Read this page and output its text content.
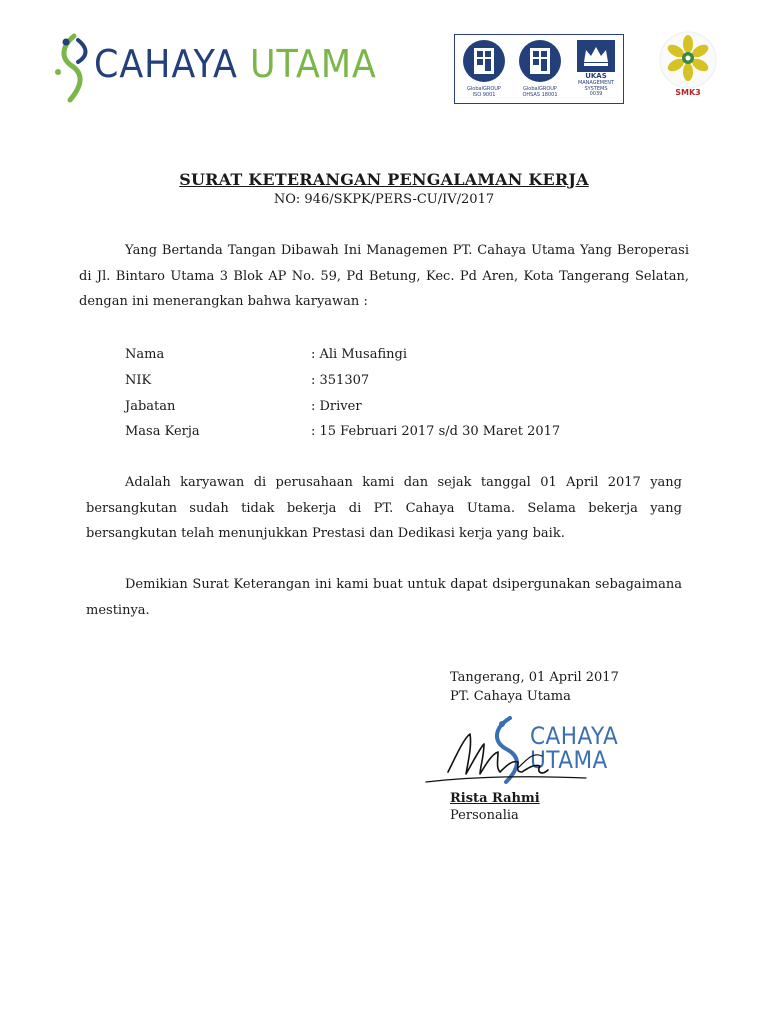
CAHAYA UTAMA
GlobalGROUP
ISO 9001
GlobalGROUP
OHSAS 18001
UKAS
MANAGEMENT SYSTEMS
0039	SMK3
SURAT KETERANGAN PENGALAMAN KERJA
NO: 946/SKPK/PERS-CU/IV/2017
Yang Bertanda Tangan Dibawah Ini Managemen PT. Cahaya Utama Yang Beroperasi
di Jl. Bintaro Utama 3 Blok AP No. 59, Pd Betung, Kec. Pd Aren, Kota Tangerang Selatan,
dengan ini menerangkan bahwa karyawan :
Nama	: Ali Musafingi
NIK	: 351307
Jabatan	: Driver
Masa Kerja	: 15 Februari 2017 s/d 30 Maret 2017
Adalah karyawan di perusahaan kami dan sejak tanggal 01 April 2017 yang
bersangkutan sudah tidak bekerja di PT. Cahaya Utama. Selama bekerja yang
bersangkutan telah menunjukkan Prestasi dan Dedikasi kerja yang baik.
Demikian Surat Keterangan ini kami buat untuk dapat dsipergunakan sebagaimana
mestinya.
Tangerang, 01 April 2017
PT. Cahaya Utama
CAHAYA
UTAMA
Rista Rahmi
Personalia
